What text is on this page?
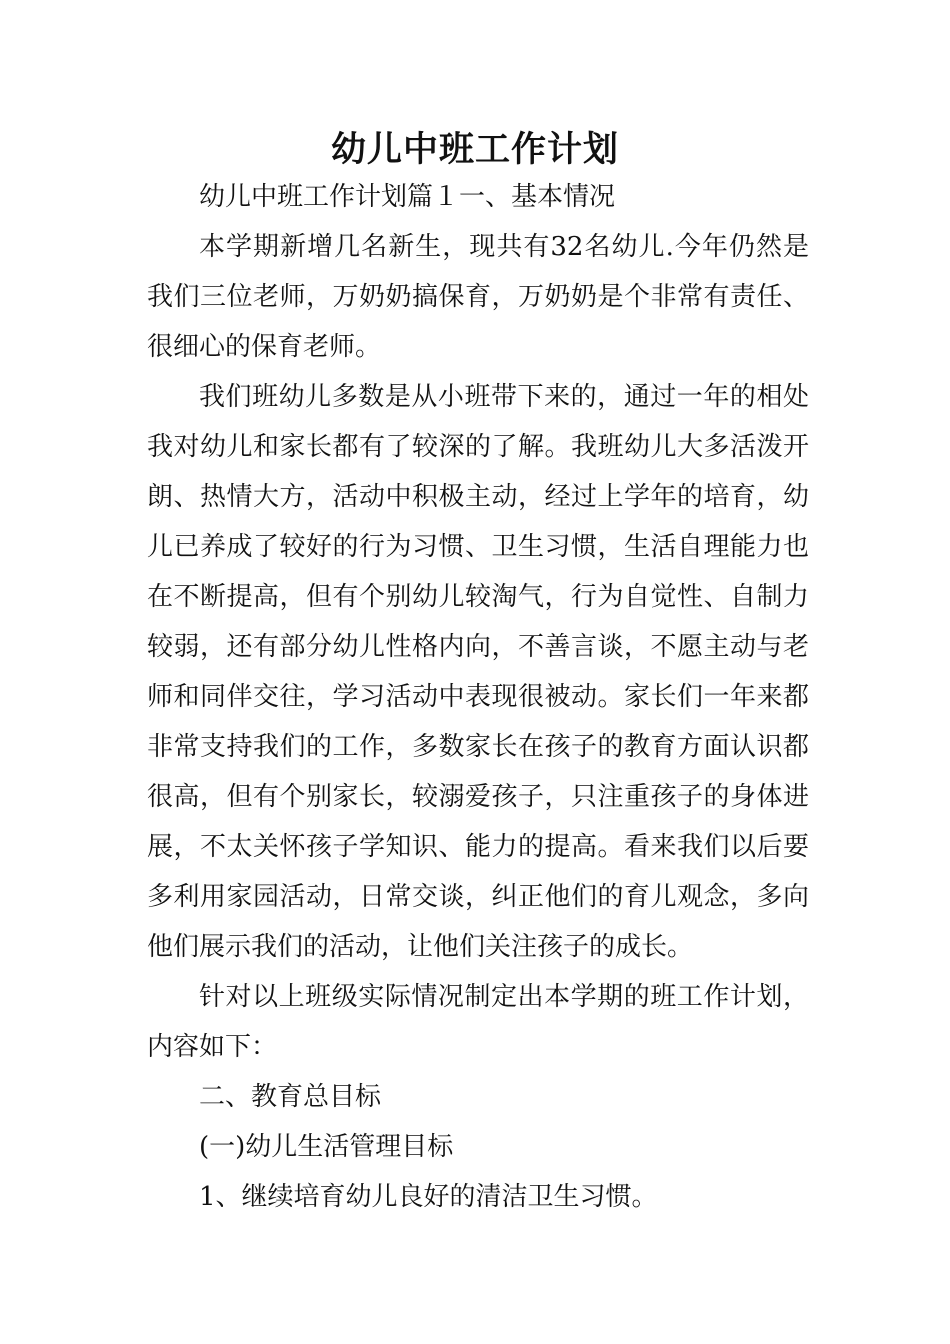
幼儿中班工作计划

幼儿中班工作计划篇１一、基本情况

本学期新增几名新生，现共有32名幼儿.今年仍然是我们三位老师，万奶奶搞保育，万奶奶是个非常有责任、很细心的保育老师。

我们班幼儿多数是从小班带下来的，通过一年的相处我对幼儿和家长都有了较深的了解。我班幼儿大多活泼开朗、热情大方，活动中积极主动，经过上学年的培育，幼儿已养成了较好的行为习惯、卫生习惯，生活自理能力也在不断提高，但有个别幼儿较淘气，行为自觉性、自制力较弱，还有部分幼儿性格内向，不善言谈，不愿主动与老师和同伴交往，学习活动中表现很被动。家长们一年来都非常支持我们的工作，多数家长在孩子的教育方面认识都很高，但有个别家长，较溺爱孩子，只注重孩子的身体进展，不太关怀孩子学知识、能力的提高。看来我们以后要多利用家园活动，日常交谈，纠正他们的育儿观念，多向他们展示我们的活动，让他们关注孩子的成长。

针对以上班级实际情况制定出本学期的班工作计划，内容如下：

二、教育总目标

(一)幼儿生活管理目标

1、继续培育幼儿良好的清洁卫生习惯。
